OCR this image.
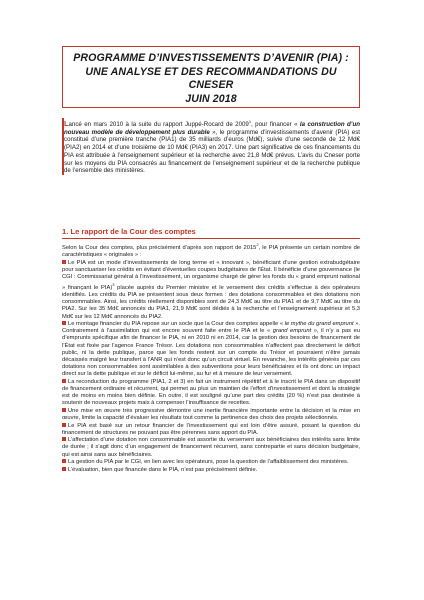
PROGRAMME D’INVESTISSEMENTS D’AVENIR (PIA) :
UNE ANALYSE ET DES RECOMMANDATIONS DU CNESER
JUIN 2018
Lancé en mars 2010 à la suite du rapport Juppé-Rocard de 2009$^1$, pour financer « la construction d’un nouveau modèle de développement plus durable », le programme d’investissements d’avenir (PIA) est constitué d’une première tranche (PIA1) de 35 milliards d’euros (Md€), suivie d’une seconde de 12 Md€ (PIA2) en 2014 et d’une troisième de 10 Md€ (PIA3) en 2017. Une part significative de ces financements du PIA est attribuée à l’enseignement supérieur et la recherche avec 21,8 Md€ prévus. L’avis du Cneser porte sur les moyens du PIA consacrés au financement de l’enseignement supérieur et de la recherche publique de l’ensemble des ministères.
1. Le rapport de la Cour des comptes

Selon la Cour des comptes, plus précisément d’après son rapport de 2015$^2$, le PIA présente un certain nombre de caractéristiques « originales » :

Le PIA est un mode d’investissements de long terme et « innovant », bénéficiant d’une gestion extrabudgétaire pour sanctuariser les crédits en évitant d’éventuelles coupes budgétaires de l’État. Il bénéficie d’une gouvernance (le CGI : Commissariat général à l’investissement, un organisme chargé de gérer les fonds du « grand emprunt national » finançant le PIA)$^3$ placée auprès du Premier ministre et le versement des crédits s’effectue à des opérateurs identifiés. Les crédits du PIA se présentent sous deux formes : des dotations consommables et des dotations non consommables. Ainsi, les crédits réellement disponibles sont de 24,3 Md€ au titre du PIA1 et de 9,7 Md€ au titre du PIA2. Sur les 35 Md€ annoncés du PIA1, 21,9 Md€ sont dédiés à la recherche et l’enseignement supérieur et 5,3 Md€ sur les 12 Md€ annoncés du PIA2.

Le montage financier du PIA repose sur un socle que la Cour des comptes appelle « le mythe du grand emprunt ». Contrairement à l’assimilation qui est encore souvent faite entre le PIA et le « grand emprunt », il n’y a pas eu d’emprunts spécifique afin de financer le PIA, ni en 2010 ni en 2014, car la gestion des besoins de financement de l’État est fixée par l’agence France Trésor. Les dotations non consommables n’affectent pas directement le déficit public, ni la dette publique, parce que les fonds restent sur un compte du Trésor et pourraient n’être jamais décaissés malgré leur transfert à l’ANR qui n’est donc qu’un circuit virtuel. En revanche, les intérêts générés par ces dotations non consommables sont assimilables à des subventions pour leurs bénéficiaires et ils ont donc un impact direct sur la dette publique et sur le déficit lui-même, au fur et à mesure de leur versement.

La reconduction du programme (PIA1, 2 et 3) en fait un instrument répétitif et à le inscrit le PIA dans un dispositif de financement ordinaire et récurrent, qui permet au plus un maintien de l’effort d’investissement et dont la stratégie est de moins en moins bien définie. En outre, il est souligné qu’une part des crédits (20 %) n’est pas destinée à soutenir de nouveaux projets mais à compenser l’insuffisance de recettes.

Une mise en œuvre très progressive démontre une inertie financière importante entre la décision et la mise en œuvre, limite la capacité d’évaluer les résultats tout comme la pertinence des choix des projets sélectionnés.

Le PIA est basé sur un retour financier de l’investissement qui est loin d’être assuré, posant la question du financement de structures ne pouvant pas être pérennes sans apport du PIA.

L’affectation d’une dotation non consommable est assortie du versement aux bénéficiaires des intérêts sans limite de durée ; il s’agit donc d’un engagement de financement récurrent, sans contrepartie et sans décision budgétaire, qui est ainsi sans aux bénéficiaires.

La gestion du PIA par le CGI, en lien avec les opérateurs, pose la question de l’affaiblissement des ministères.

L’évaluation, bien que financée dans le PIA, n’est pas précisément définie.
